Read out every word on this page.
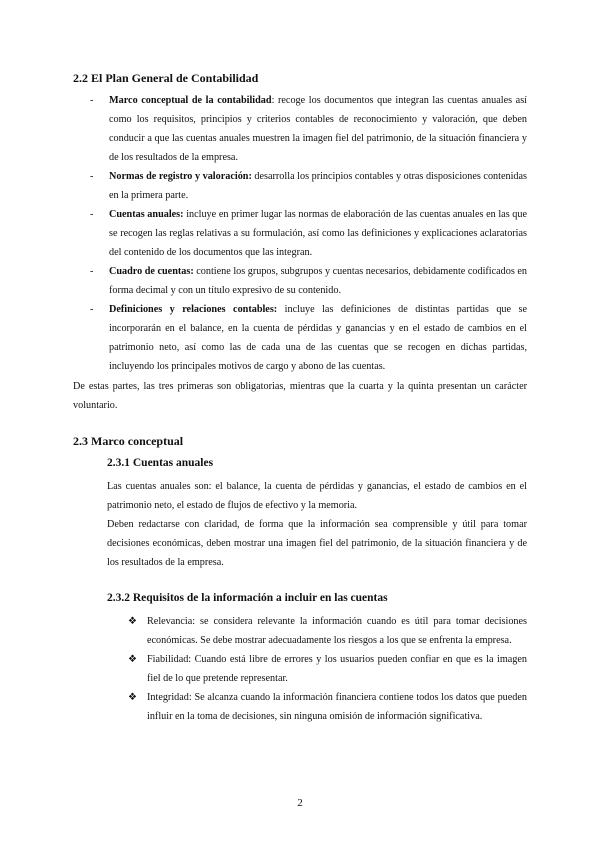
2.2 El Plan General de Contabilidad
- Marco conceptual de la contabilidad: recoge los documentos que integran las cuentas anuales así como los requisitos, principios y criterios contables de reconocimiento y valoración, que deben conducir a que las cuentas anuales muestren la imagen fiel del patrimonio, de la situación financiera y de los resultados de la empresa.
- Normas de registro y valoración: desarrolla los principios contables y otras disposiciones contenidas en la primera parte.
- Cuentas anuales: incluye en primer lugar las normas de elaboración de las cuentas anuales en las que se recogen las reglas relativas a su formulación, así como las definiciones y explicaciones aclaratorias del contenido de los documentos que las integran.
- Cuadro de cuentas: contiene los grupos, subgrupos y cuentas necesarios, debidamente codificados en forma decimal y con un título expresivo de su contenido.
- Definiciones y relaciones contables: incluye las definiciones de distintas partidas que se incorporarán en el balance, en la cuenta de pérdidas y ganancias y en el estado de cambios en el patrimonio neto, así como las de cada una de las cuentas que se recogen en dichas partidas, incluyendo los principales motivos de cargo y abono de las cuentas.
De estas partes, las tres primeras son obligatorias, mientras que la cuarta y la quinta presentan un carácter voluntario.
2.3 Marco conceptual
2.3.1 Cuentas anuales
Las cuentas anuales son: el balance, la cuenta de pérdidas y ganancias, el estado de cambios en el patrimonio neto, el estado de flujos de efectivo y la memoria.
Deben redactarse con claridad, de forma que la información sea comprensible y útil para tomar decisiones económicas, deben mostrar una imagen fiel del patrimonio, de la situación financiera y de los resultados de la empresa.
2.3.2 Requisitos de la información a incluir en las cuentas
❖ Relevancia: se considera relevante la información cuando es útil para tomar decisiones económicas. Se debe mostrar adecuadamente los riesgos a los que se enfrenta la empresa.
❖ Fiabilidad: Cuando está libre de errores y los usuarios pueden confiar en que es la imagen fiel de lo que pretende representar.
❖ Integridad: Se alcanza cuando la información financiera contiene todos los datos que pueden influir en la toma de decisiones, sin ninguna omisión de información significativa.
2
